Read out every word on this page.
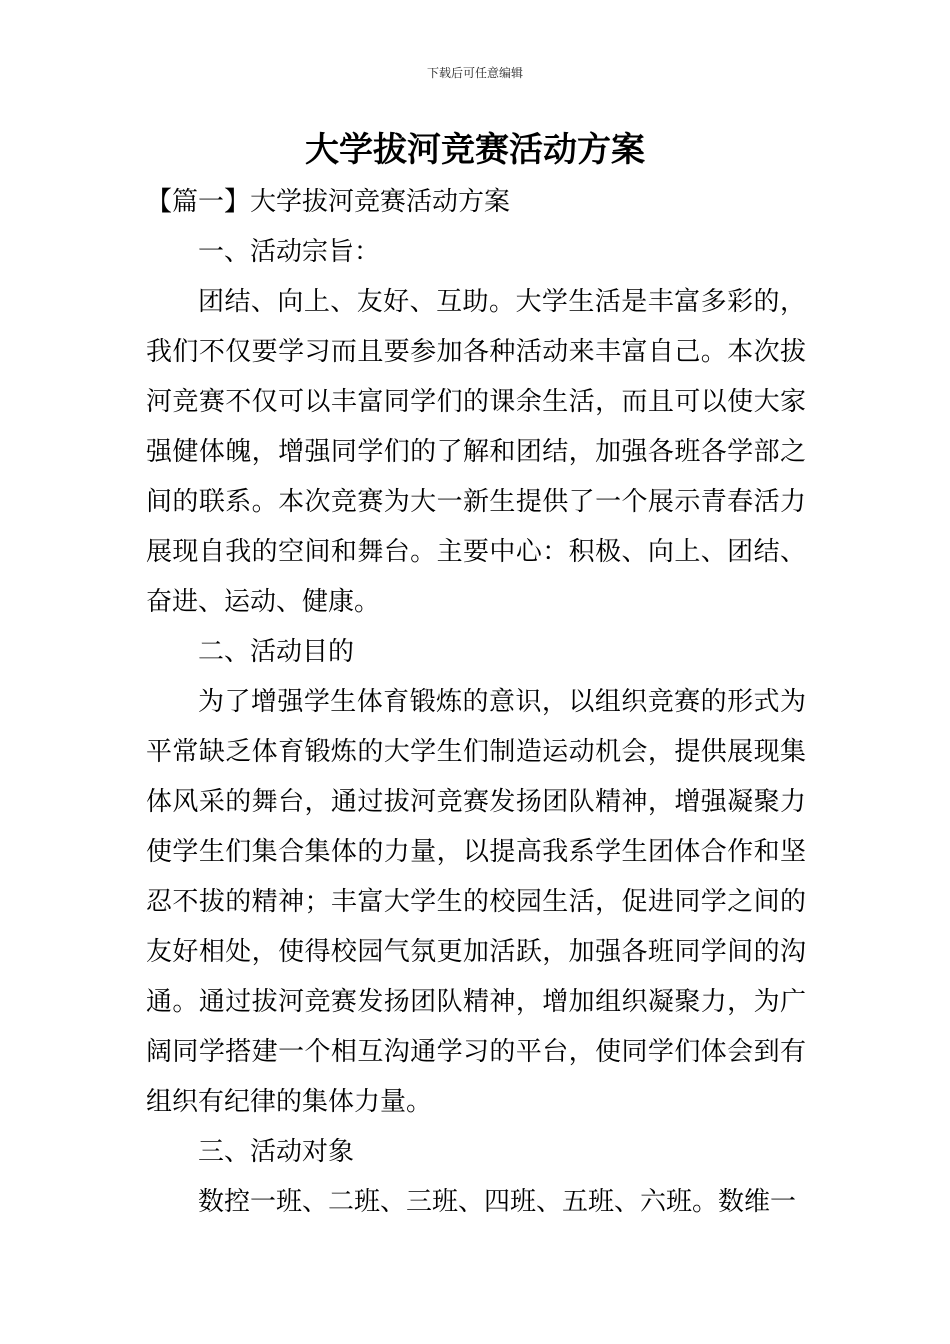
下载后可任意编辑
大学拔河竞赛活动方案

【篇一】大学拔河竞赛活动方案

一、活动宗旨：

团结、向上、友好、互助。大学生活是丰富多彩的，我们不仅要学习而且要参加各种活动来丰富自己。本次拔河竞赛不仅可以丰富同学们的课余生活，而且可以使大家强健体魄，增强同学们的了解和团结，加强各班各学部之间的联系。本次竞赛为大一新生提供了一个展示青春活力展现自我的空间和舞台。主要中心：积极、向上、团结、奋进、运动、健康。

二、活动目的

为了增强学生体育锻炼的意识，以组织竞赛的形式为平常缺乏体育锻炼的大学生们制造运动机会，提供展现集体风采的舞台，通过拔河竞赛发扬团队精神，增强凝聚力使学生们集合集体的力量，以提高我系学生团体合作和坚忍不拔的精神；丰富大学生的校园生活，促进同学之间的友好相处，使得校园气氛更加活跃，加强各班同学间的沟通。通过拔河竞赛发扬团队精神，增加组织凝聚力，为广阔同学搭建一个相互沟通学习的平台，使同学们体会到有组织有纪律的集体力量。

三、活动对象

数控一班、二班、三班、四班、五班、六班。数维一
